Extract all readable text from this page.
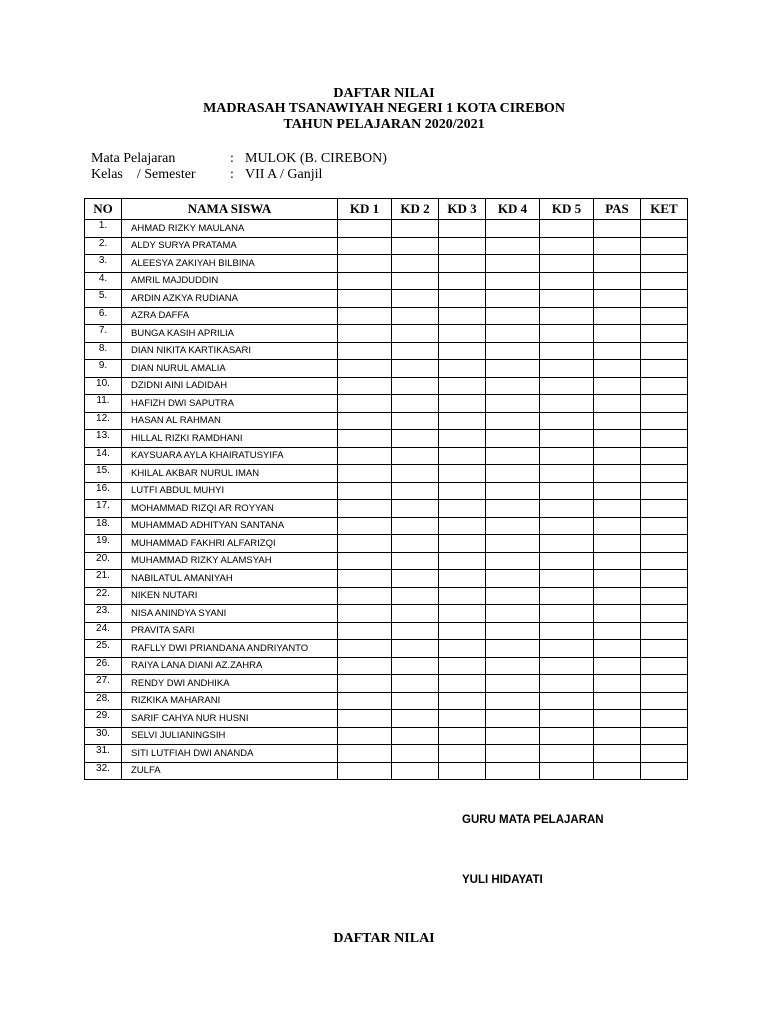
DAFTAR NILAI
MADRASAH TSANAWIYAH NEGERI 1 KOTA CIREBON
TAHUN PELAJARAN 2020/2021
Mata Pelajaran	: MULOK (B. CIREBON)
Kelas    / Semester : VII A / Ganjil
NO	NAMA SISWA	KD 1	KD 2	KD 3	KD 4	KD 5	PAS	KET
1.	AHMAD RIZKY MAULANA							
2.	ALDY SURYA PRATAMA							
3.	ALEESYA ZAKIYAH BILBINA							
4.	AMRIL MAJDUDDIN							
5.	ARDIN AZKYA RUDIANA							
6.	AZRA DAFFA							
7.	BUNGA KASIH APRILIA							
8.	DIAN NIKITA KARTIKASARI							
9.	DIAN NURUL AMALIA							
10.	DZIDNI AINI LADIDAH							
11.	HAFIZH DWI SAPUTRA							
12.	HASAN AL RAHMAN							
13.	HILLAL RIZKI RAMDHANI							
14.	KAYSUARA AYLA KHAIRATUSYIFA							
15.	KHILAL AKBAR NURUL IMAN							
16.	LUTFI ABDUL MUHYI							
17.	MOHAMMAD RIZQI AR ROYYAN							
18.	MUHAMMAD ADHITYAN SANTANA							
19.	MUHAMMAD FAKHRI ALFARIZQI							
20.	MUHAMMAD RIZKY ALAMSYAH							
21.	NABILATUL AMANIYAH							
22.	NIKEN NUTARI							
23.	NISA ANINDYA SYANI							
24.	PRAVITA SARI							
25.	RAFLLY DWI PRIANDANA ANDRIYANTO							
26.	RAIYA LANA DIANI AZ.ZAHRA							
27.	RENDY DWI ANDHIKA							
28.	RIZKIKA MAHARANI							
29.	SARIF CAHYA NUR HUSNI							
30.	SELVI JULIANINGSIH							
31.	SITI LUTFIAH DWI ANANDA							
32.	ZULFA							
GURU MATA PELAJARAN
YULI HIDAYATI
DAFTAR NILAI
